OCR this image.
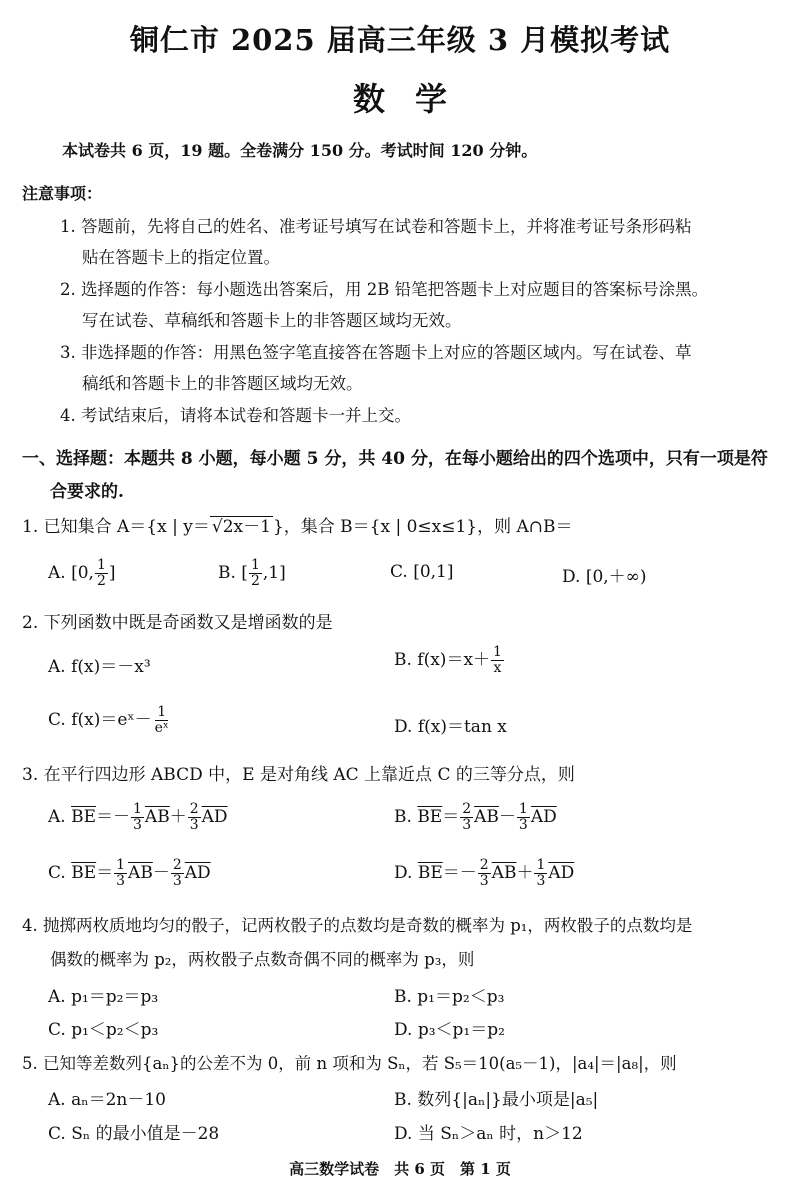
铜仁市 2025 届高三年级 3 月模拟考试
数学
本试卷共 6 页，19 题。全卷满分 150 分。考试时间 120 分钟。
注意事项：
1. 答题前，先将自己的姓名、准考证号填写在试卷和答题卡上，并将准考证号条形码粘
贴在答题卡上的指定位置。
2. 选择题的作答：每小题选出答案后，用 2B 铅笔把答题卡上对应题目的答案标号涂黑。
写在试卷、草稿纸和答题卡上的非答题区域均无效。
3. 非选择题的作答：用黑色签字笔直接答在答题卡上对应的答题区域内。写在试卷、草
稿纸和答题卡上的非答题区域均无效。
4. 考试结束后，请将本试卷和答题卡一并上交。
一、选择题：本题共 8 小题，每小题 5 分，共 40 分，在每小题给出的四个选项中，只有一项是符
合要求的.
1. 已知集合 A＝{x | y＝ √2x－1 }，集合 B＝{x | 0≤x≤1}，则 A∩B＝
A. [0, $\frac{1}{2}$ ]	B. [ $\frac{1}{2} ,1$]	C. [0,1]	D. [0,＋∞)
2. 下列函数中既是奇函数又是增函数的是
A. f(x)＝－x³	B. $f(x)=x+ \frac{1}{x}$
C. f(x)＝eˣ－ $\frac{1}{\text{eˣ}}$	D. f(x)＝tan x
3. 在平行四边形 ABCD 中，E 是对角线 AC 上靠近点 C 的三等分点，则
A. $\overline{BE}=- \frac{1}{3} \overline{AB}+ \frac{2}{3} \overline{AD}$	B. $\overline{BE}= \frac{2}{3} \overline{AB}- \frac{1}{3} \overline{AD}$
C. $\overline{BE}= \frac{1}{3} \overline{AB}- \frac{2}{3} \overline{AD}$	D. $\overline{BE}=- \frac{2}{3} \overline{AB}+ \frac{1}{3} \overline{AD}$
4. 抛掷两枚质地均匀的骰子，记两枚骰子的点数均是奇数的概率为 p₁，两枚骰子的点数均是
偶数的概率为 p₂，两枚骰子点数奇偶不同的概率为 p₃，则
A. p₁＝p₂＝p₃	B. p₁＝p₂＜p₃
C. p₁＜p₂＜p₃	D. p₃＜p₁＝p₂
5. 已知等差数列{aₙ}的公差不为 0，前 n 项和为 Sₙ，若 S₅＝10(a₅－1)，|a₄|＝|a₈|，则
A. aₙ＝2n－10	B. 数列{|aₙ|}最小项是|a₅|
C. Sₙ 的最小值是－28	D. 当 Sₙ＞aₙ 时，n＞12
高三数学试卷　共 6 页　第 1 页
